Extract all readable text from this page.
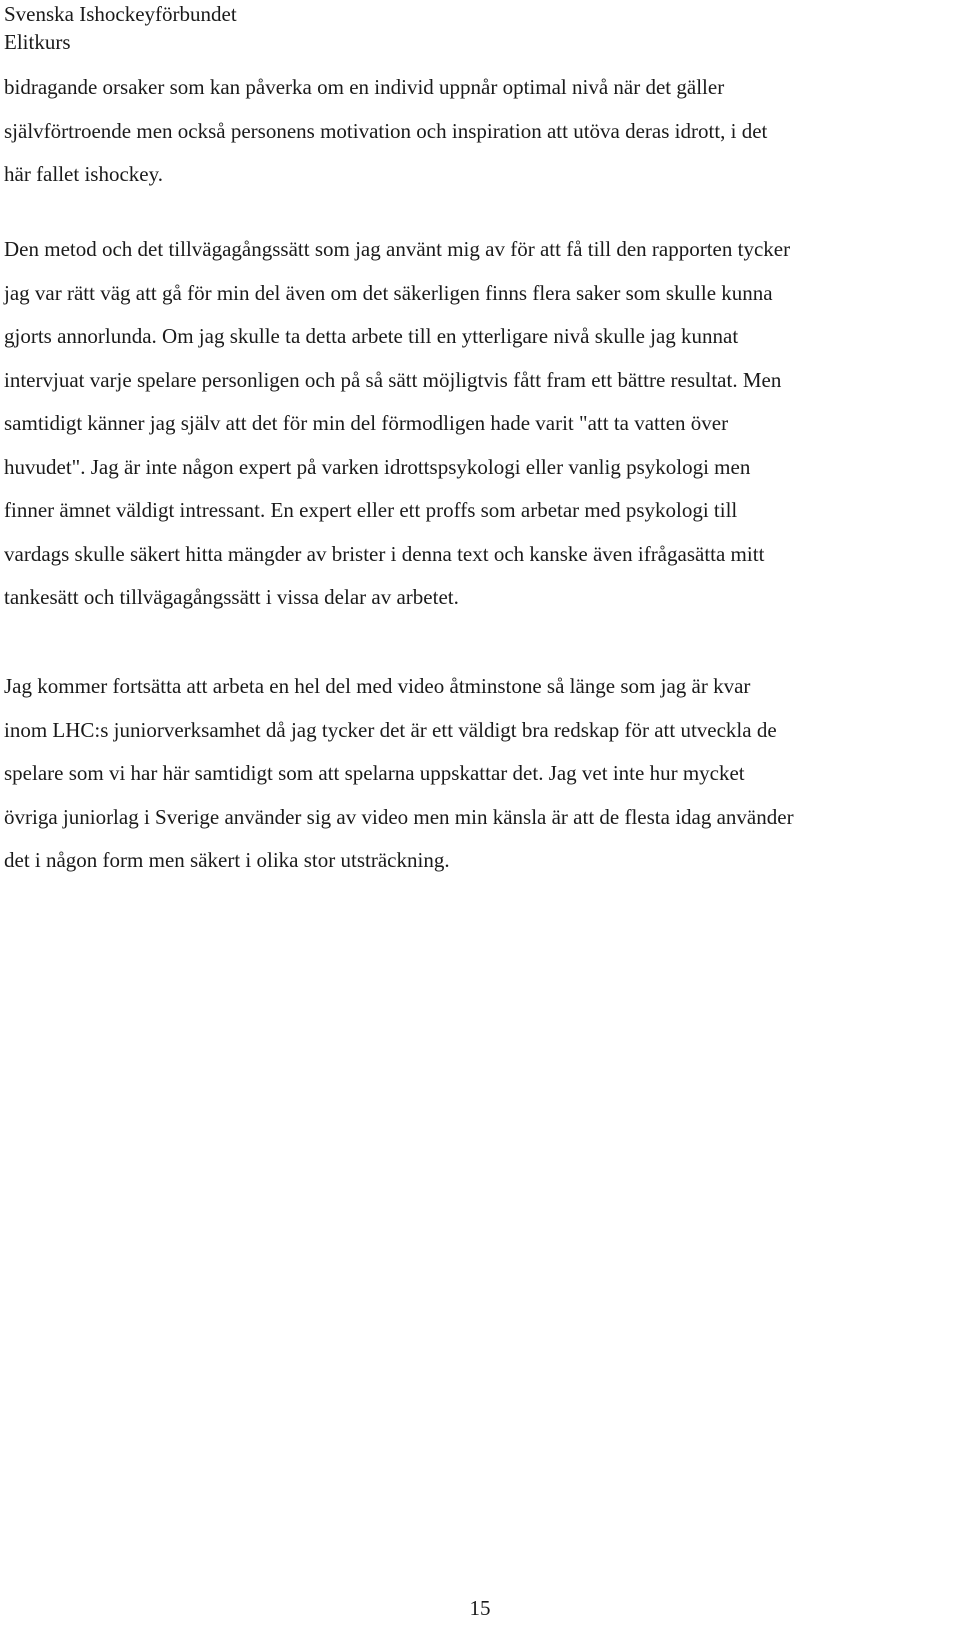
Svenska Ishockeyförbundet
Elitkurs

bidragande orsaker som kan påverka om en individ uppnår optimal nivå när det gäller
självförtroende men också personens motivation och inspiration att utöva deras idrott, i det
här fallet ishockey.

Den metod och det tillvägagångssätt som jag använt mig av för att få till den rapporten tycker
jag var rätt väg att gå för min del även om det säkerligen finns flera saker som skulle kunna
gjorts annorlunda. Om jag skulle ta detta arbete till en ytterligare nivå skulle jag kunnat
intervjuat varje spelare personligen och på så sätt möjligtvis fått fram ett bättre resultat. Men
samtidigt känner jag själv att det för min del förmodligen hade varit "att ta vatten över
huvudet". Jag är inte någon expert på varken idrottspsykologi eller vanlig psykologi men
finner ämnet väldigt intressant. En expert eller ett proffs som arbetar med psykologi till
vardags skulle säkert hitta mängder av brister i denna text och kanske även ifrågasätta mitt
tankesätt och tillvägagångssätt i vissa delar av arbetet.

Jag kommer fortsätta att arbeta en hel del med video åtminstone så länge som jag är kvar
inom LHC:s juniorverksamhet då jag tycker det är ett väldigt bra redskap för att utveckla de
spelare som vi har här samtidigt som att spelarna uppskattar det. Jag vet inte hur mycket
övriga juniorlag i Sverige använder sig av video men min känsla är att de flesta idag använder
det i någon form men säkert i olika stor utsträckning.

15
